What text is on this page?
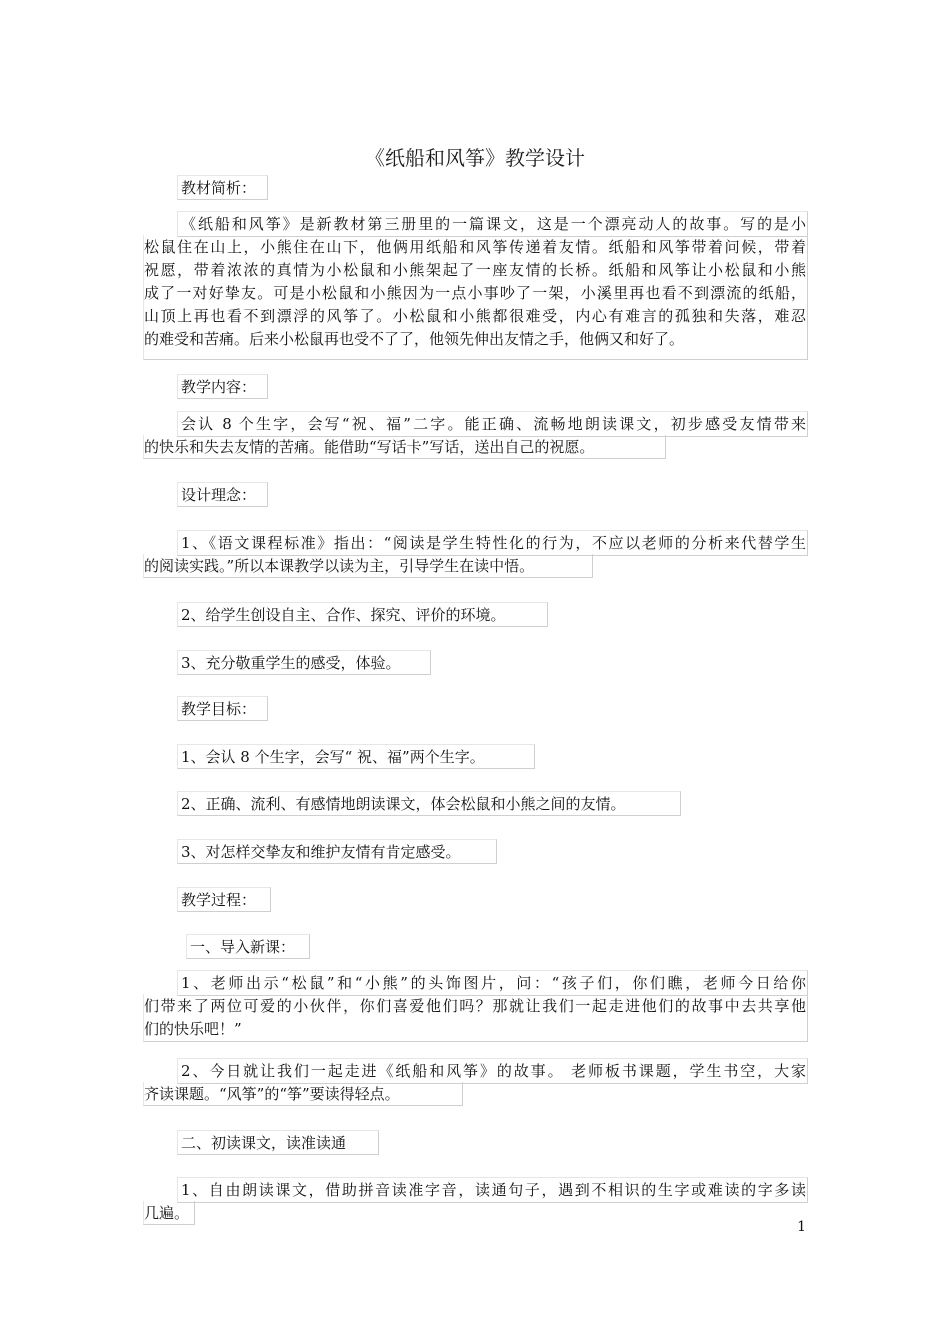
《纸船和风筝》教学设计
教材简析：
《纸船和风筝》是新教材第三册里的一篇课文，这是一个漂亮动人的故事。写的是小
松鼠住在山上，小熊住在山下，他俩用纸船和风筝传递着友情。纸船和风筝带着问候，带着
祝愿，带着浓浓的真情为小松鼠和小熊架起了一座友情的长桥。纸船和风筝让小松鼠和小熊
成了一对好挚友。可是小松鼠和小熊因为一点小事吵了一架，小溪里再也看不到漂流的纸船，
山顶上再也看不到漂浮的风筝了。小松鼠和小熊都很难受，内心有难言的孤独和失落，难忍
的难受和苦痛。后来小松鼠再也受不了了，他领先伸出友情之手，他俩又和好了。
教学内容：
会认 8 个生字，会写“祝、福”二字。能正确、流畅地朗读课文，初步感受友情带来
的快乐和失去友情的苦痛。能借助“写话卡”写话，送出自己的祝愿。
设计理念：
1、《语文课程标准》指出：“阅读是学生特性化的行为，不应以老师的分析来代替学生
的阅读实践。”所以本课教学以读为主，引导学生在读中悟。
2、给学生创设自主、合作、探究、评价的环境。
3、充分敬重学生的感受，体验。
教学目标：
1、会认 8 个生字，会写“ 祝、福”两个生字。
2、正确、流利、有感情地朗读课文，体会松鼠和小熊之间的友情。
3、对怎样交挚友和维护友情有肯定感受。
教学过程：
一、导入新课：
1、老师出示“松鼠”和“小熊”的头饰图片，问：“孩子们，你们瞧，老师今日给你
们带来了两位可爱的小伙伴，你们喜爱他们吗？那就让我们一起走进他们的故事中去共享他
们的快乐吧！”
2、今日就让我们一起走进《纸船和风筝》的故事。 老师板书课题，学生书空，大家
齐读课题。“风筝”的“筝”要读得轻点。
二、初读课文，读准读通
1、自由朗读课文，借助拼音读准字音，读通句子，遇到不相识的生字或难读的字多读
几遍。
1
